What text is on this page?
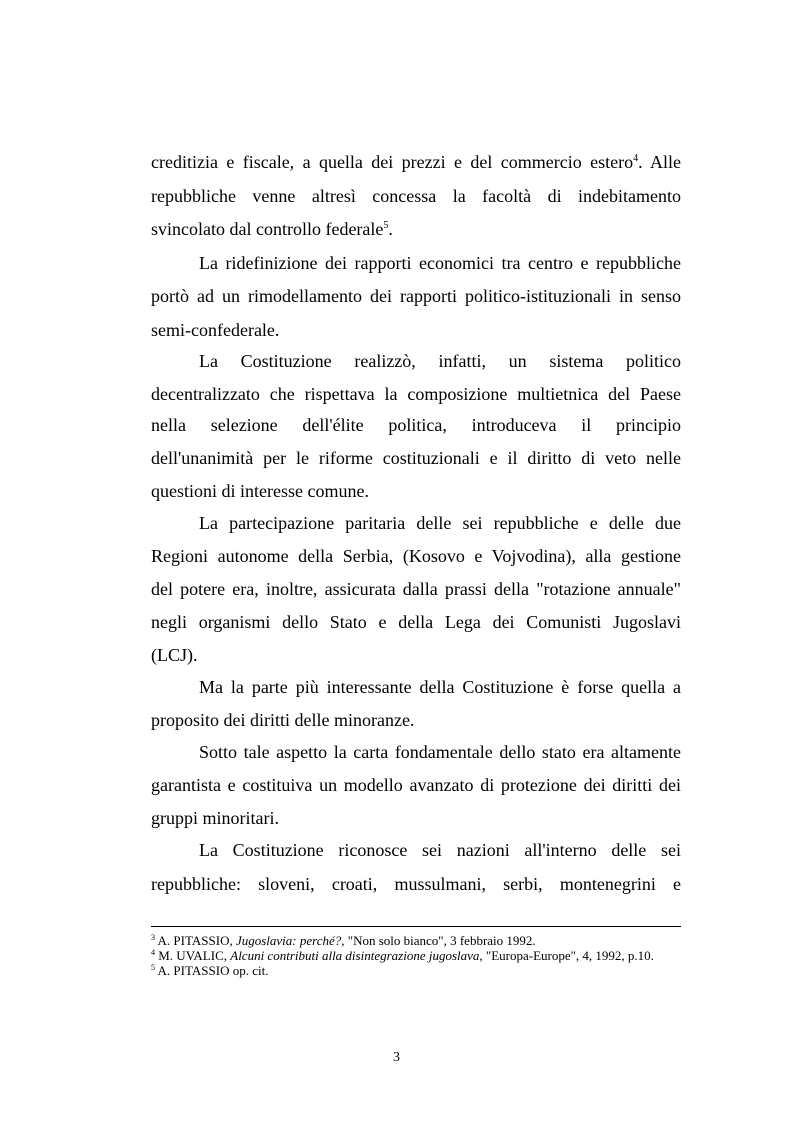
creditizia e fiscale, a quella dei prezzi e del commercio estero$^4$. Alle
repubbliche venne altresì concessa la facoltà di indebitamento
svincolato dal controllo federale$^5$.
La ridefinizione dei rapporti economici tra centro e repubbliche
portò ad un rimodellamento dei rapporti politico-istituzionali in senso
semi-confederale.
La Costituzione realizzò, infatti, un sistema politico
decentralizzato che rispettava la composizione multietnica del Paese
nella selezione dell'élite politica, introduceva il principio
dell'unanimità per le riforme costituzionali e il diritto di veto nelle
questioni di interesse comune.
La partecipazione paritaria delle sei repubbliche e delle due
Regioni autonome della Serbia, (Kosovo e Vojvodina), alla gestione
del potere era, inoltre, assicurata dalla prassi della "rotazione annuale"
negli organismi dello Stato e della Lega dei Comunisti Jugoslavi
(LCJ).
Ma la parte più interessante della Costituzione è forse quella a
proposito dei diritti delle minoranze.
Sotto tale aspetto la carta fondamentale dello stato era altamente
garantista e costituiva un modello avanzato di protezione dei diritti dei
gruppi minoritari.
La Costituzione riconosce sei nazioni all'interno delle sei
repubbliche: sloveni, croati, mussulmani, serbi, montenegrini e
$^3$ A. PITASSIO, Jugoslavia: perché?, "Non solo bianco", 3 febbraio 1992.
$^4$ M. UVALIC, Alcuni contributi alla disintegrazione jugoslava, "Europa-Europe", 4, 1992, p.10.
$^5$ A. PITASSIO op. cit.
3
